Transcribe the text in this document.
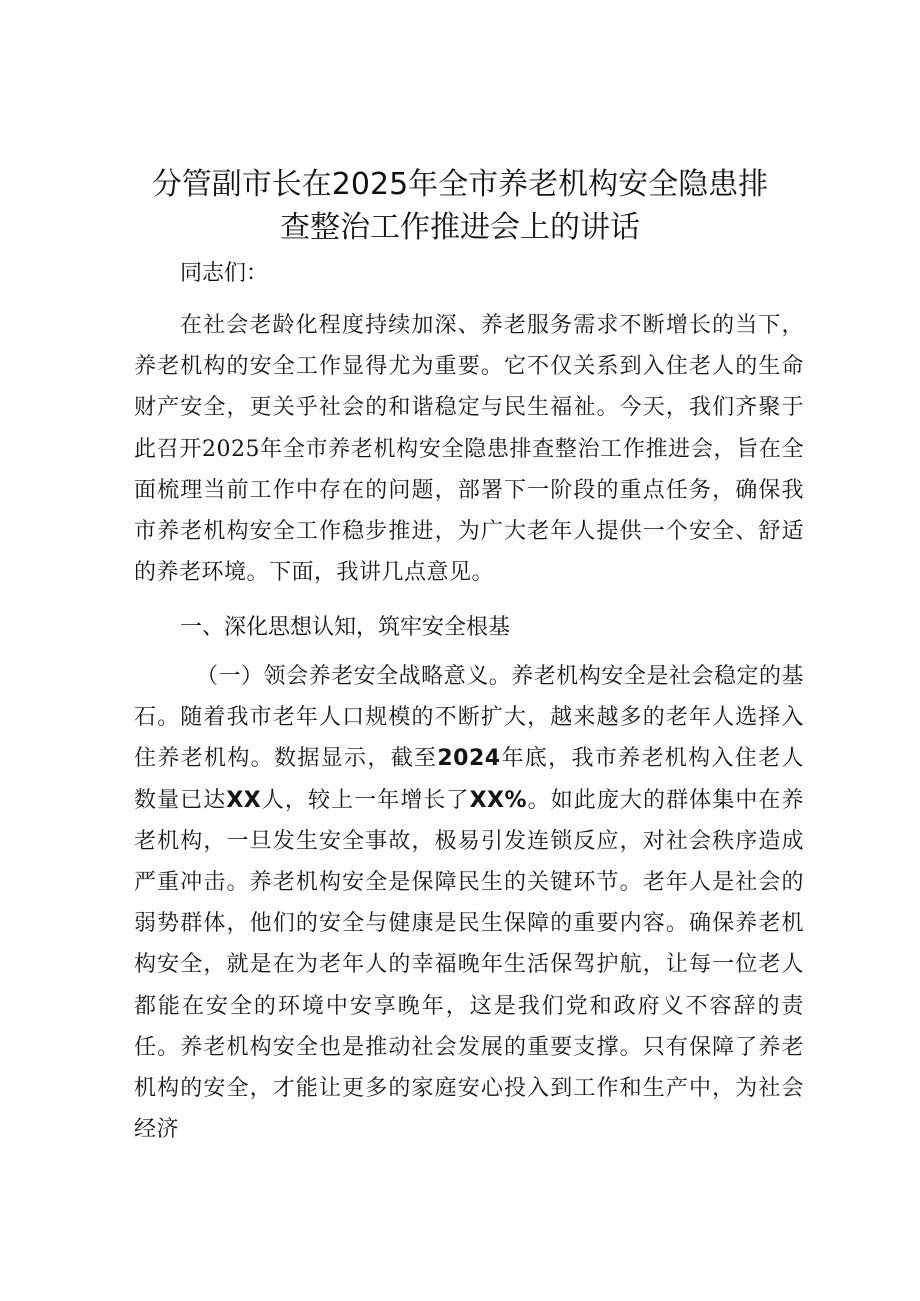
分管副市长在2025年全市养老机构安全隐患排
查整治工作推进会上的讲话
同志们：

在社会老龄化程度持续加深、养老服务需求不断增长的当下，养老机构的安全工作显得尤为重要。它不仅关系到入住老人的生命财产安全，更关乎社会的和谐稳定与民生福祉。今天，我们齐聚于此召开2025年全市养老机构安全隐患排查整治工作推进会，旨在全面梳理当前工作中存在的问题，部署下一阶段的重点任务，确保我市养老机构安全工作稳步推进，为广大老年人提供一个安全、舒适的养老环境。下面，我讲几点意见。

一、深化思想认知，筑牢安全根基

（一）领会养老安全战略意义。养老机构安全是社会稳定的基石。随着我市老年人口规模的不断扩大，越来越多的老年人选择入住养老机构。数据显示，截至2024年底，我市养老机构入住老人数量已达XX人，较上一年增长了XX%。如此庞大的群体集中在养老机构，一旦发生安全事故，极易引发连锁反应，对社会秩序造成严重冲击。养老机构安全是保障民生的关键环节。老年人是社会的弱势群体，他们的安全与健康是民生保障的重要内容。确保养老机构安全，就是在为老年人的幸福晚年生活保驾护航，让每一位老人都能在安全的环境中安享晚年，这是我们党和政府义不容辞的责任。养老机构安全也是推动社会发展的重要支撑。只有保障了养老机构的安全，才能让更多的家庭安心投入到工作和生产中，为社会经济
